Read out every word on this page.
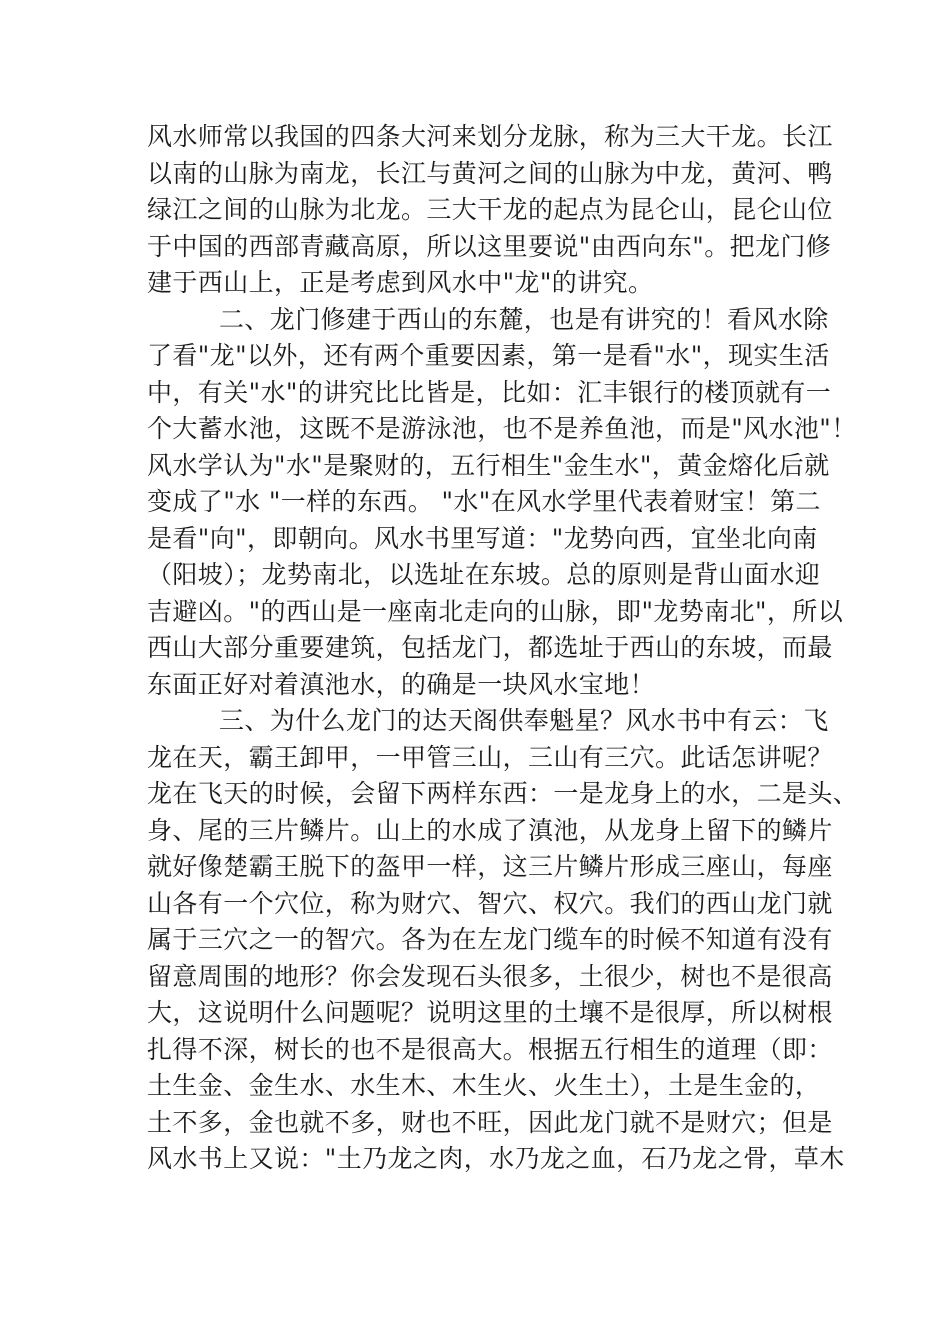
风水师常以我国的四条大河来划分龙脉，称为三大干龙。长江
以南的山脉为南龙，长江与黄河之间的山脉为中龙，黄河、鸭
绿江之间的山脉为北龙。三大干龙的起点为昆仑山，昆仑山位
于中国的西部青藏高原，所以这里要说"由西向东"。把龙门修
建于西山上，正是考虑到风水中"龙"的讲究。
二、龙门修建于西山的东麓，也是有讲究的！看风水除
了看"龙"以外，还有两个重要因素，第一是看"水"，现实生活
中，有关"水"的讲究比比皆是，比如：汇丰银行的楼顶就有一
个大蓄水池，这既不是游泳池，也不是养鱼池，而是"风水池"！
风水学认为"水"是聚财的，五行相生"金生水"，黄金熔化后就
变成了"水 "一样的东西。 "水"在风水学里代表着财宝！第二
是看"向"，即朝向。风水书里写道："龙势向西，宜坐北向南
（阳坡）；龙势南北，以选址在东坡。总的原则是背山面水迎
吉避凶。"的西山是一座南北走向的山脉，即"龙势南北"，所以
西山大部分重要建筑，包括龙门，都选址于西山的东坡，而最
东面正好对着滇池水，的确是一块风水宝地！
三、为什么龙门的达天阁供奉魁星？风水书中有云：飞
龙在天，霸王卸甲，一甲管三山，三山有三穴。此话怎讲呢？
龙在飞天的时候，会留下两样东西：一是龙身上的水，二是头、
身、尾的三片鳞片。山上的水成了滇池，从龙身上留下的鳞片
就好像楚霸王脱下的盔甲一样，这三片鳞片形成三座山，每座
山各有一个穴位，称为财穴、智穴、权穴。我们的西山龙门就
属于三穴之一的智穴。各为在左龙门缆车的时候不知道有没有
留意周围的地形？你会发现石头很多，土很少，树也不是很高
大，这说明什么问题呢？说明这里的土壤不是很厚，所以树根
扎得不深，树长的也不是很高大。根据五行相生的道理（即：
土生金、金生水、水生木、木生火、火生土），土是生金的，
土不多，金也就不多，财也不旺，因此龙门就不是财穴；但是
风水书上又说："土乃龙之肉，水乃龙之血，石乃龙之骨，草木
